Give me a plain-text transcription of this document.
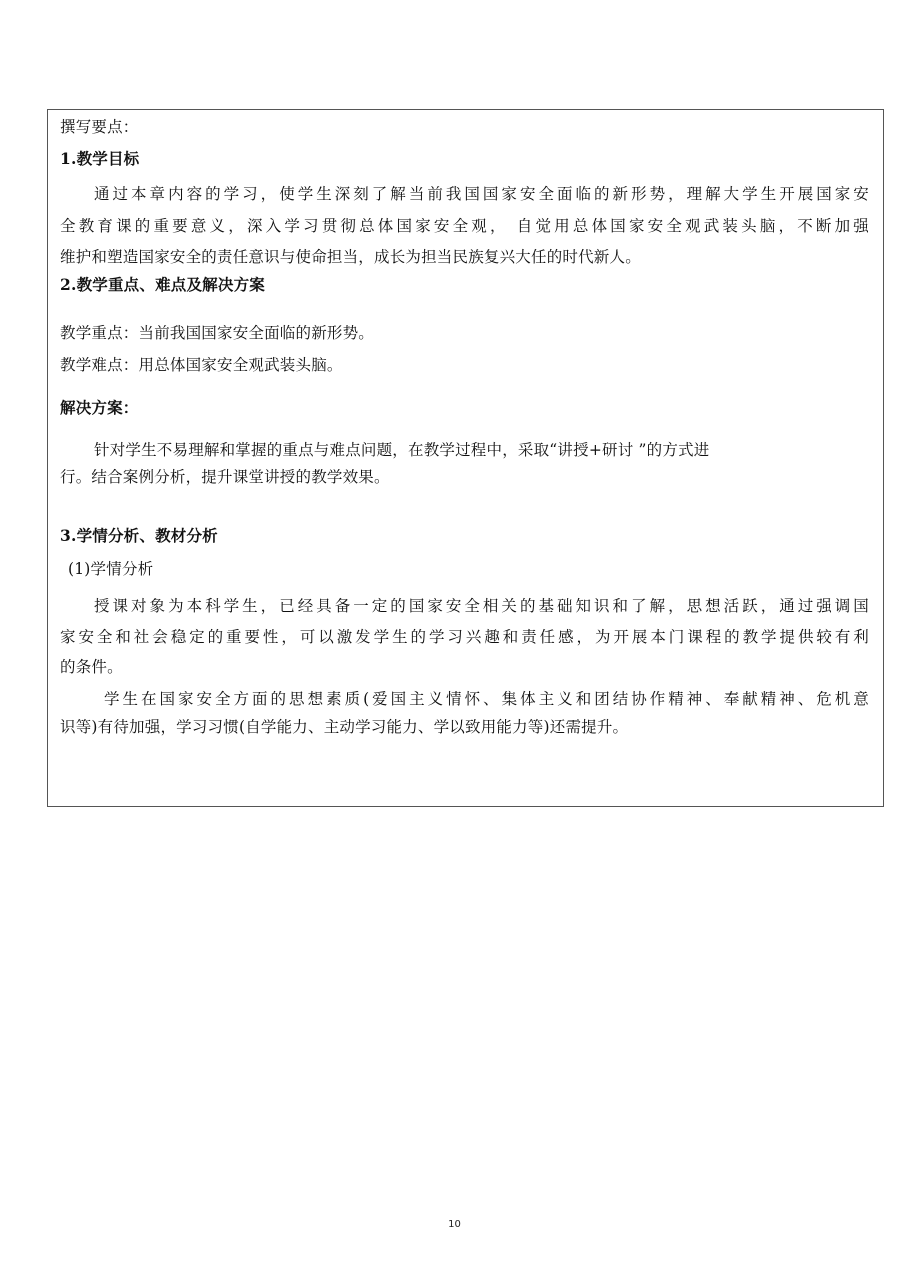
撰写要点：
1.教学目标
通过本章内容的学习，使学生深刻了解当前我国国家安全面临的新形势，理解大学生开展国家安
全教育课的重要意义，深入学习贯彻总体国家安全观， 自觉用总体国家安全观武装头脑，不断加强
维护和塑造国家安全的责任意识与使命担当，成长为担当民族复兴大任的时代新人。
2.教学重点、难点及解决方案
教学重点：当前我国国家安全面临的新形势。
教学难点：用总体国家安全观武装头脑。
解决方案：
针对学生不易理解和掌握的重点与难点问题，在教学过程中，采取“讲授+研讨 ”的方式进
行。结合案例分析，提升课堂讲授的教学效果。
3.学情分析、教材分析
(1)学情分析
授课对象为本科学生，已经具备一定的国家安全相关的基础知识和了解，思想活跃，通过强调国
家安全和社会稳定的重要性，可以激发学生的学习兴趣和责任感，为开展本门课程的教学提供较有利
的条件。
学生在国家安全方面的思想素质(爱国主义情怀、集体主义和团结协作精神、奉献精神、危机意
识等)有待加强，学习习惯(自学能力、主动学习能力、学以致用能力等)还需提升。
10
